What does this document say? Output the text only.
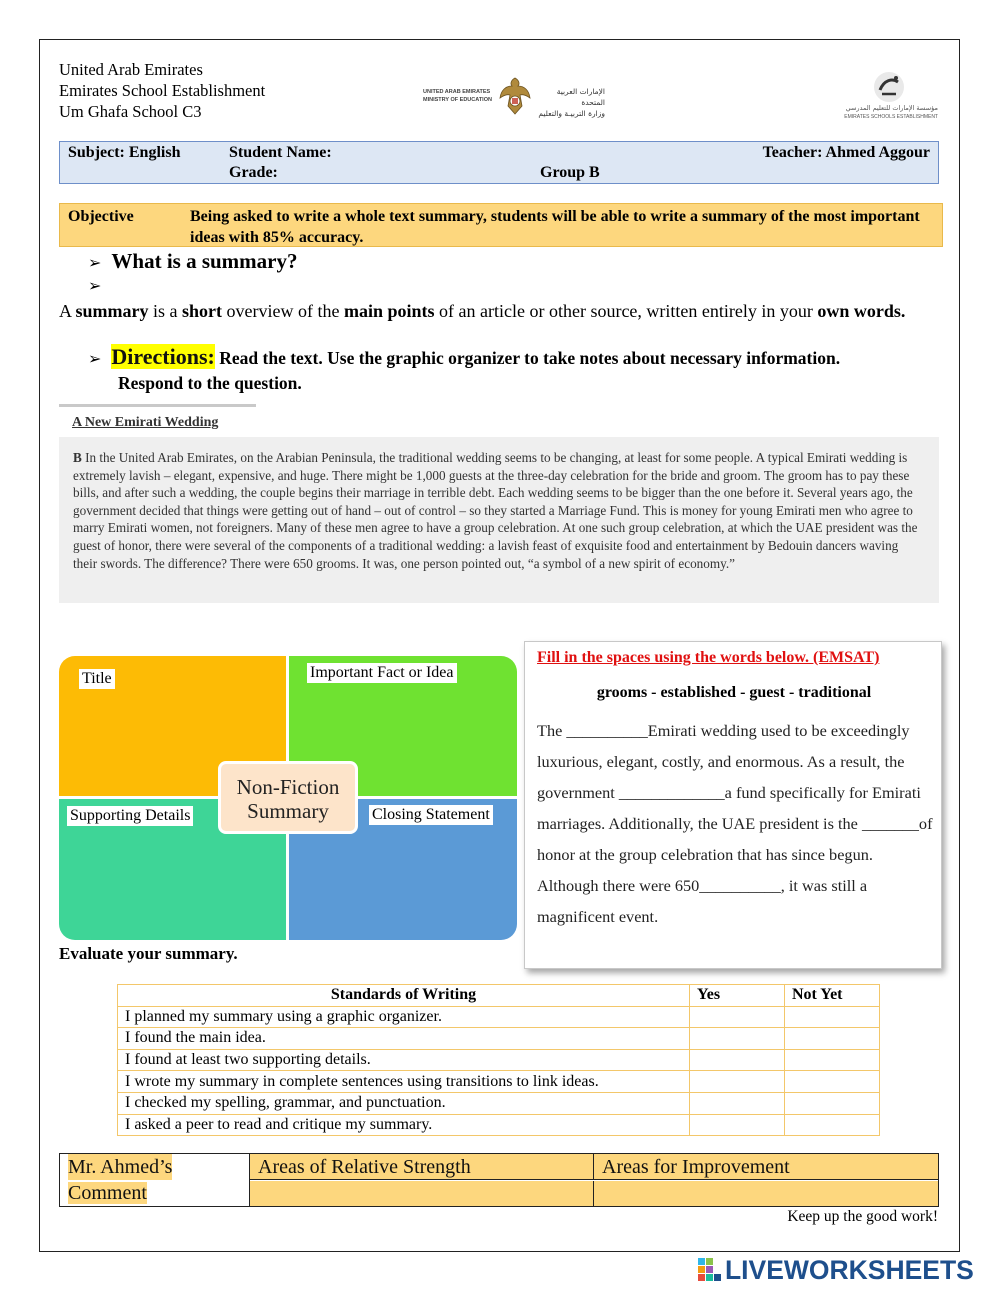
United Arab Emirates
Emirates School Establishment
Um Ghafa School C3
UNITED ARAB EMIRATES
MINISTRY OF EDUCATION
الإمارات العربية المتحدة
وزارة التربيـة والتعليم
مؤسسة الإمارات للتعليم المدرسي
EMIRATES SCHOOLS ESTABLISHMENT
Subject: English	Student Name:
Grade:	Group B
Teacher: Ahmed Aggour
Objective	Being asked to write a whole text summary, students will be able to write a summary of the most important ideas with 85% accuracy.
➢ What is a summary?
➢
A summary is a short overview of the main points of an article or other source, written entirely in your own words.
➢ Directions: Read the text. Use the graphic organizer to take notes about necessary information.
Respond to the question.
A New Emirati Wedding
B In the United Arab Emirates, on the Arabian Peninsula, the traditional wedding seems to be changing, at least for some people. A typical Emirati wedding is extremely lavish – elegant, expensive, and huge. There might be 1,000 guests at the three-day celebration for the bride and groom. The groom has to pay these bills, and after such a wedding, the couple begins their marriage in terrible debt. Each wedding seems to be bigger than the one before it. Several years ago, the government decided that things were getting out of hand – out of control – so they started a Marriage Fund. This is money for young Emirati men who agree to marry Emirati women, not foreigners. Many of these men agree to have a group celebration. At one such group celebration, at which the UAE president was the guest of honor, there were several of the components of a traditional wedding: a lavish feast of exquisite food and entertainment by Bedouin dancers waving their swords. The difference? There were 650 grooms. It was, one person pointed out, “a symbol of a new spirit of economy.”
Title	Important Fact or Idea
Supporting Details	Closing Statement
Non-Fiction
Summary
Fill in the spaces using the words below. (EMSAT)
grooms - established - guest - traditional
The __________Emirati wedding used to be exceedingly luxurious, elegant, costly, and enormous. As a result, the government _____________a fund specifically for Emirati marriages. Additionally, the UAE president is the _______of honor at the group celebration that has since begun. Although there were 650__________, it was still a magnificent event.
Evaluate your summary.
Standards of Writing	Yes	Not Yet
I planned my summary using a graphic organizer.		
I found the main idea.		
I found at least two supporting details.		
I wrote my summary in complete sentences using transitions to link ideas.		
I checked my spelling, grammar, and punctuation.		
I asked a peer to read and critique my summary.		
Mr. Ahmed’s
Comment
Areas of Relative Strength	Areas for Improvement
Keep up the good work!
LIVEWORKSHEETS
